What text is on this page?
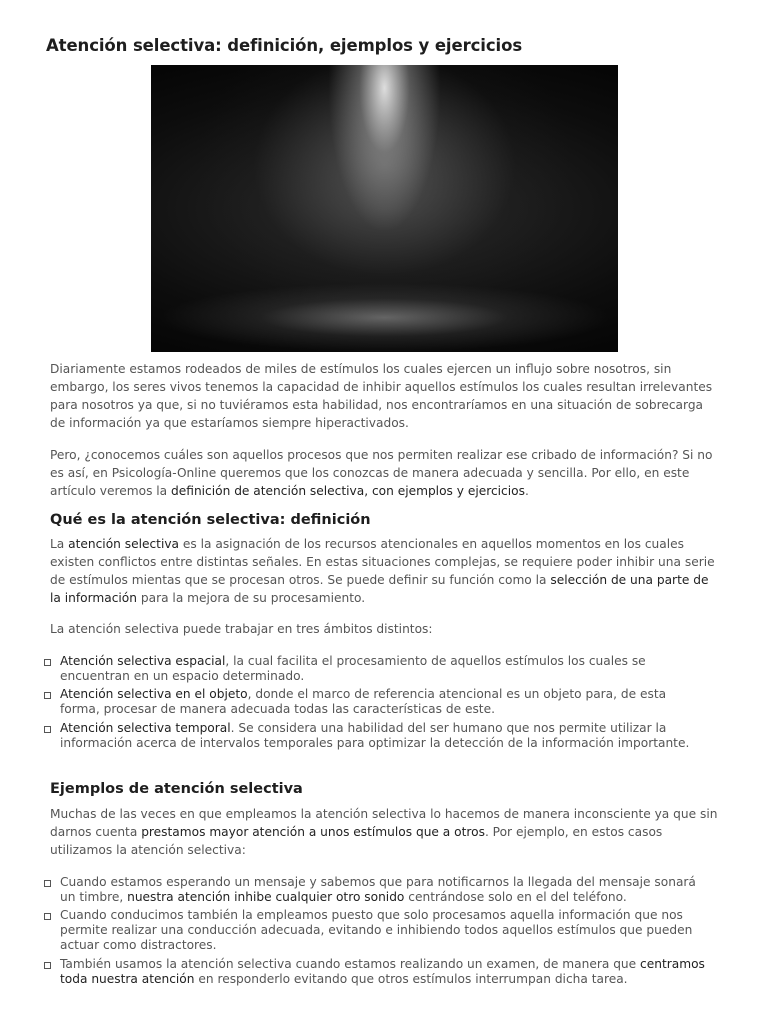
Atención selectiva: definición, ejemplos y ejercicios

Diariamente estamos rodeados de miles de estímulos los cuales ejercen un influjo sobre nosotros, sin embargo, los seres vivos tenemos la capacidad de inhibir aquellos estímulos los cuales resultan irrelevantes para nosotros ya que, si no tuviéramos esta habilidad, nos encontraríamos en una situación de sobrecarga de información ya que estaríamos siempre hiperactivados.

Pero, ¿conocemos cuáles son aquellos procesos que nos permiten realizar ese cribado de información? Si no es así, en Psicología-Online queremos que los conozcas de manera adecuada y sencilla. Por ello, en este artículo veremos la definición de atención selectiva, con ejemplos y ejercicios.

Qué es la atención selectiva: definición

La atención selectiva es la asignación de los recursos atencionales en aquellos momentos en los cuales existen conflictos entre distintas señales. En estas situaciones complejas, se requiere poder inhibir una serie de estímulos mientas que se procesan otros. Se puede definir su función como la selección de una parte de la información para la mejora de su procesamiento.

La atención selectiva puede trabajar en tres ámbitos distintos:

Atención selectiva espacial, la cual facilita el procesamiento de aquellos estímulos los cuales se encuentran en un espacio determinado.
Atención selectiva en el objeto, donde el marco de referencia atencional es un objeto para, de esta forma, procesar de manera adecuada todas las características de este.
Atención selectiva temporal. Se considera una habilidad del ser humano que nos permite utilizar la información acerca de intervalos temporales para optimizar la detección de la información importante.
Ejemplos de atención selectiva

Muchas de las veces en que empleamos la atención selectiva lo hacemos de manera inconsciente ya que sin darnos cuenta prestamos mayor atención a unos estímulos que a otros. Por ejemplo, en estos casos utilizamos la atención selectiva:

Cuando estamos esperando un mensaje y sabemos que para notificarnos la llegada del mensaje sonará un timbre, nuestra atención inhibe cualquier otro sonido centrándose solo en el del teléfono.
Cuando conducimos también la empleamos puesto que solo procesamos aquella información que nos permite realizar una conducción adecuada, evitando e inhibiendo todos aquellos estímulos que pueden actuar como distractores.
También usamos la atención selectiva cuando estamos realizando un examen, de manera que centramos toda nuestra atención en responderlo evitando que otros estímulos interrumpan dicha tarea.
